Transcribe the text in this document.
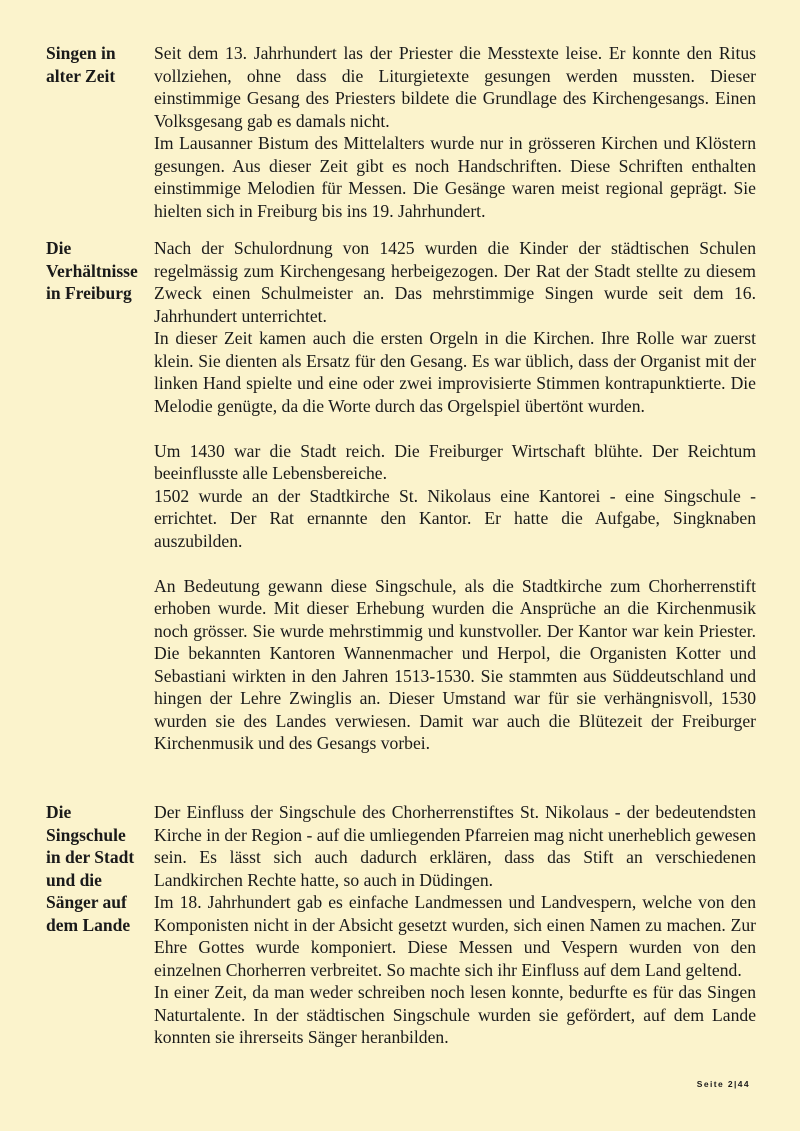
Singen in
alter Zeit

Seit dem 13. Jahrhundert las der Priester die Messtexte leise. Er konnte den Ritus vollziehen, ohne dass die Liturgietexte gesungen werden mussten. Dieser einstimmige Gesang des Priesters bildete die Grundlage des Kirchengesangs. Einen Volksgesang gab es damals nicht.

Im Lausanner Bistum des Mittelalters wurde nur in grösseren Kirchen und Klöstern gesungen. Aus dieser Zeit gibt es noch Handschriften. Diese Schriften enthalten einstimmige Melodien für Messen. Die Gesänge waren meist regional geprägt. Sie hielten sich in Freiburg bis ins 19. Jahrhundert.

Die
Verhältnisse
in Freiburg

Nach der Schulordnung von 1425 wurden die Kinder der städtischen Schulen regelmässig zum Kirchengesang herbeigezogen. Der Rat der Stadt stellte zu diesem Zweck einen Schulmeister an. Das mehrstimmige Singen wurde seit dem 16. Jahrhundert unterrichtet.

In dieser Zeit kamen auch die ersten Orgeln in die Kirchen. Ihre Rolle war zuerst klein. Sie dienten als Ersatz für den Gesang. Es war üblich, dass der Organist mit der linken Hand spielte und eine oder zwei improvisierte Stimmen kontrapunktierte. Die Melodie genügte, da die Worte durch das Orgelspiel übertönt wurden.

Um 1430 war die Stadt reich. Die Freiburger Wirtschaft blühte. Der Reichtum beeinflusste alle Lebensbereiche.

1502 wurde an der Stadtkirche St. Nikolaus eine Kantorei - eine Singschule - errichtet. Der Rat ernannte den Kantor. Er hatte die Aufgabe, Singknaben auszubilden.

An Bedeutung gewann diese Singschule, als die Stadtkirche zum Chorherrenstift erhoben wurde. Mit dieser Erhebung wurden die Ansprüche an die Kirchenmusik noch grösser. Sie wurde mehrstimmig und kunstvoller. Der Kantor war kein Priester. Die bekannten Kantoren Wannenmacher und Herpol, die Organisten Kotter und Sebastiani wirkten in den Jahren 1513-1530. Sie stammten aus Süddeutschland und hingen der Lehre Zwinglis an. Dieser Umstand war für sie verhängnisvoll, 1530 wurden sie des Landes verwiesen. Damit war auch die Blütezeit der Freiburger Kirchenmusik und des Gesangs vorbei.

Die
Singschule
in der Stadt
und die
Sänger auf
dem Lande

Der Einfluss der Singschule des Chorherrenstiftes St. Nikolaus - der bedeutendsten Kirche in der Region - auf die umliegenden Pfarreien mag nicht unerheblich gewesen sein. Es lässt sich auch dadurch erklären, dass das Stift an verschiedenen Landkirchen Rechte hatte, so auch in Düdingen.

Im 18. Jahrhundert gab es einfache Landmessen und Landvespern, welche von den Komponisten nicht in der Absicht gesetzt wurden, sich einen Namen zu machen. Zur Ehre Gottes wurde komponiert. Diese Messen und Vespern wurden von den einzelnen Chorherren verbreitet. So machte sich ihr Einfluss auf dem Land geltend.

In einer Zeit, da man weder schreiben noch lesen konnte, bedurfte es für das Singen Naturtalente. In der städtischen Singschule wurden sie gefördert, auf dem Lande konnten sie ihrerseits Sänger heranbilden.

Seite 2|44
